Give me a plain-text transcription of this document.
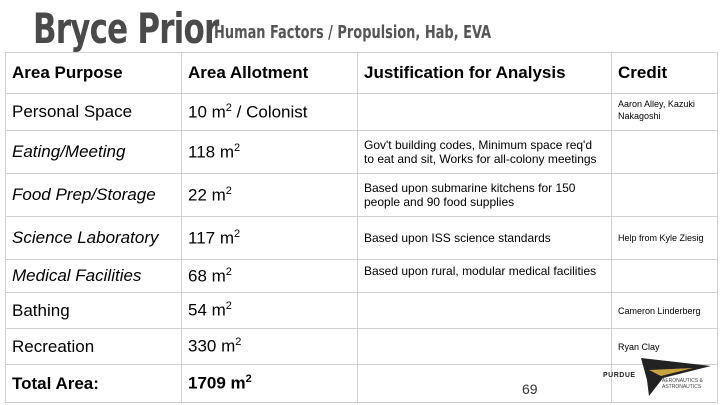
Bryce Prior
Human Factors / Propulsion, Hab, EVA
Area Purpose	Area Allotment	Justification for Analysis	Credit
Personal Space	10 $m^2$ / Colonist		Aaron Alley, Kazuki Nakagoshi
Eating/Meeting	118 $m^2$	Gov't building codes, Minimum space req'd to eat and sit, Works for all-colony meetings	
Food Prep/Storage	22 $m^2$	Based upon submarine kitchens for 150 people and 90 food supplies	
Science Laboratory	117 $m^2$	Based upon ISS science standards	Help from Kyle Ziesig
Medical Facilities	68 $m^2$	Based upon rural, modular medical facilities	
Bathing	54 $m^2$		Cameron Linderberg
Recreation	330 $m^2$		Ryan Clay
Total Area:	1709 $m^2$		
69
PURDUE
AERONAUTICS & ASTRONAUTICS
